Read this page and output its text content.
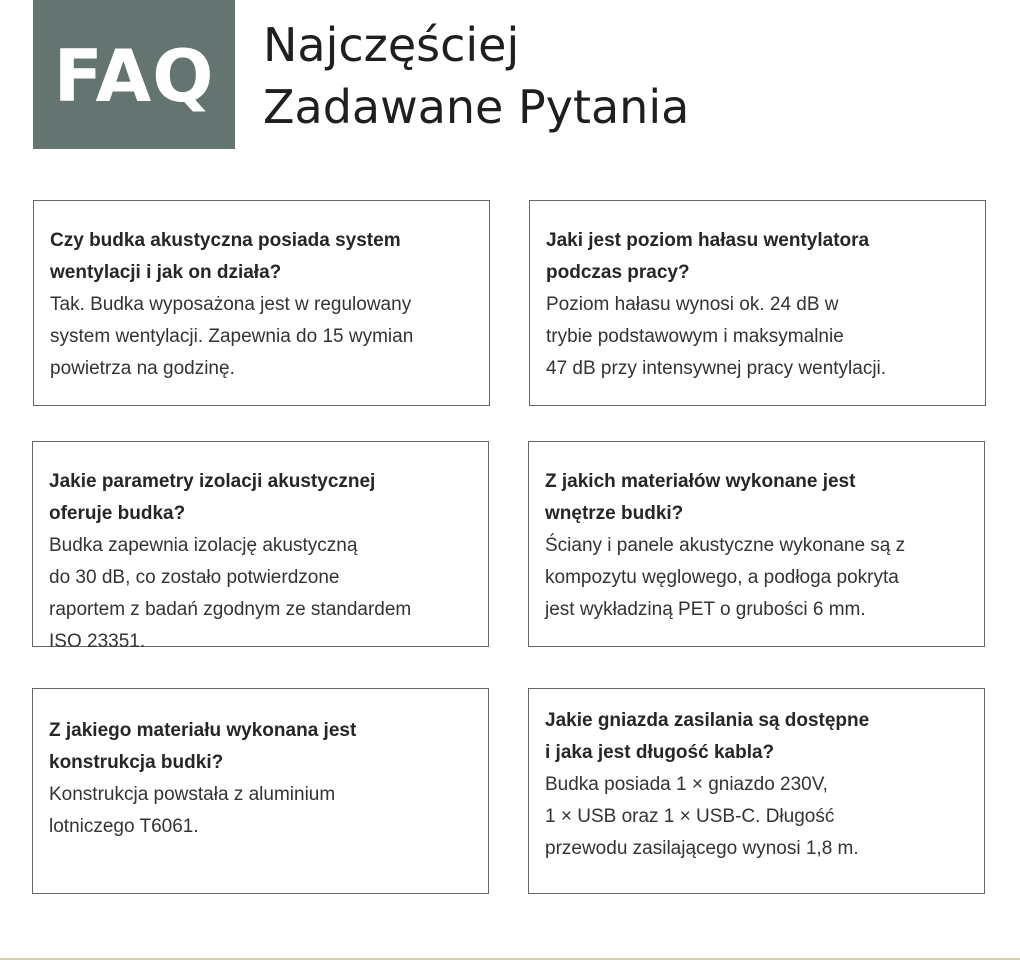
FAQ Najczęściej
Zadawane Pytania

Czy budka akustyczna posiada system
wentylacji i jak on działa?

Tak. Budka wyposażona jest w regulowany
system wentylacji. Zapewnia do 15 wymian
powietrza na godzinę.

Jaki jest poziom hałasu wentylatora
podczas pracy?

Poziom hałasu wynosi ok. 24 dB w
trybie podstawowym i maksymalnie
47 dB przy intensywnej pracy wentylacji.

Jakie parametry izolacji akustycznej
oferuje budka?

Budka zapewnia izolację akustyczną
do 30 dB, co zostało potwierdzone
raportem z badań zgodnym ze standardem
ISO 23351.

Z jakich materiałów wykonane jest
wnętrze budki?

Ściany i panele akustyczne wykonane są z
kompozytu węglowego, a podłoga pokryta
jest wykładziną PET o grubości 6 mm.

Z jakiego materiału wykonana jest
konstrukcja budki?

Konstrukcja powstała z aluminium
lotniczego T6061.

Jakie gniazda zasilania są dostępne
i jaka jest długość kabla?

Budka posiada 1 × gniazdo 230V,
1 × USB oraz 1 × USB-C. Długość
przewodu zasilającego wynosi 1,8 m.
